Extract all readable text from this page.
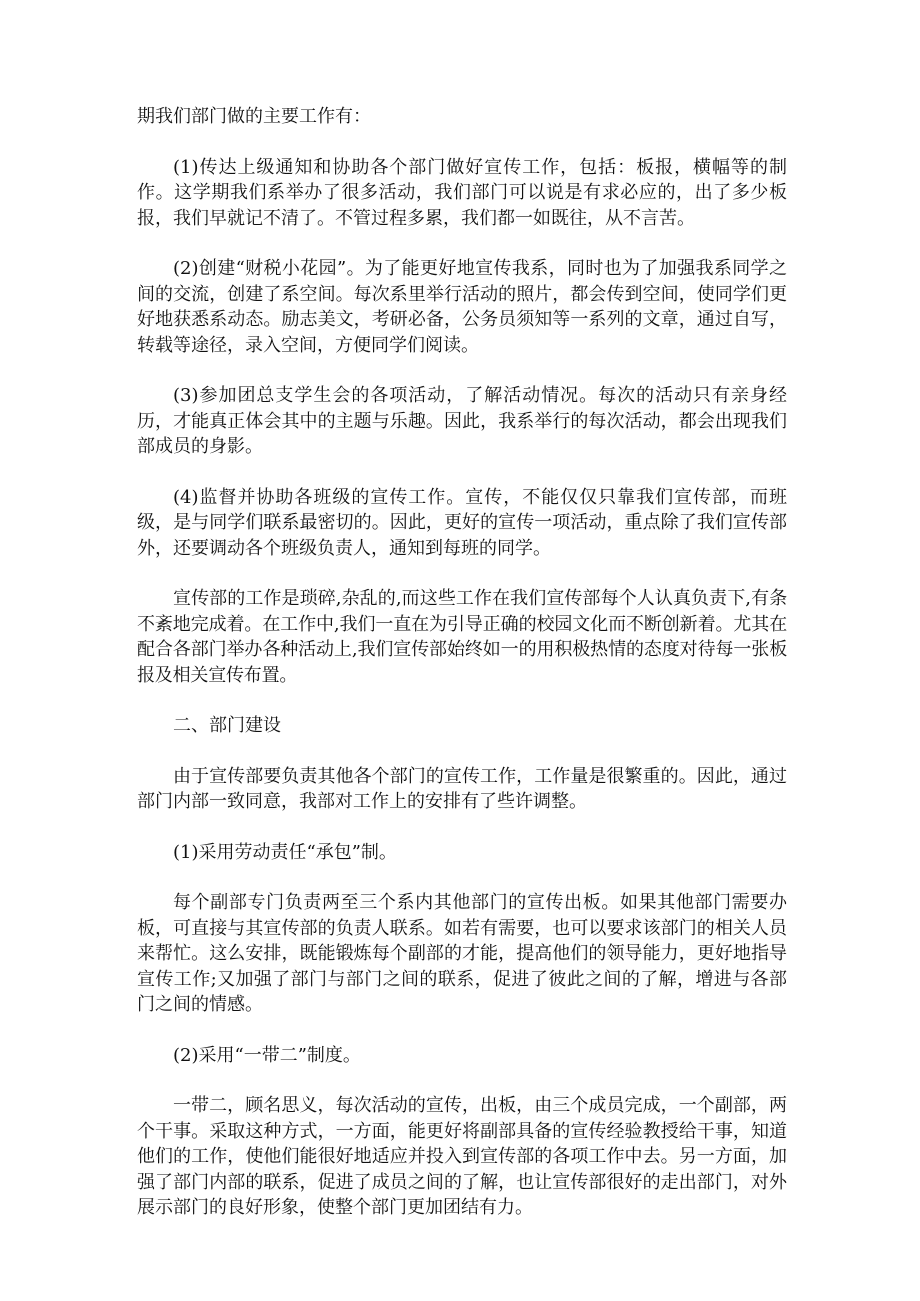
期我们部门做的主要工作有：

(1)传达上级通知和协助各个部门做好宣传工作，包括：板报，横幅等的制作。这学期我们系举办了很多活动，我们部门可以说是有求必应的，出了多少板报，我们早就记不清了。不管过程多累，我们都一如既往，从不言苦。

(2)创建“财税小花园”。为了能更好地宣传我系，同时也为了加强我系同学之间的交流，创建了系空间。每次系里举行活动的照片，都会传到空间，使同学们更好地获悉系动态。励志美文，考研必备，公务员须知等一系列的文章，通过自写，转载等途径，录入空间，方便同学们阅读。

(3)参加团总支学生会的各项活动，了解活动情况。每次的活动只有亲身经历，才能真正体会其中的主题与乐趣。因此，我系举行的每次活动，都会出现我们部成员的身影。

(4)监督并协助各班级的宣传工作。宣传，不能仅仅只靠我们宣传部，而班级，是与同学们联系最密切的。因此，更好的宣传一项活动，重点除了我们宣传部外，还要调动各个班级负责人，通知到每班的同学。

宣传部的工作是琐碎,杂乱的,而这些工作在我们宣传部每个人认真负责下,有条不紊地完成着。在工作中,我们一直在为引导正确的校园文化而不断创新着。尤其在配合各部门举办各种活动上,我们宣传部始终如一的用积极热情的态度对待每一张板报及相关宣传布置。

二、部门建设

由于宣传部要负责其他各个部门的宣传工作，工作量是很繁重的。因此，通过部门内部一致同意，我部对工作上的安排有了些许调整。

(1)采用劳动责任“承包”制。

每个副部专门负责两至三个系内其他部门的宣传出板。如果其他部门需要办板，可直接与其宣传部的负责人联系。如若有需要，也可以要求该部门的相关人员来帮忙。这么安排，既能锻炼每个副部的才能，提高他们的领导能力，更好地指导宣传工作;又加强了部门与部门之间的联系，促进了彼此之间的了解，增进与各部门之间的情感。

(2)采用“一带二”制度。

一带二，顾名思义，每次活动的宣传，出板，由三个成员完成，一个副部，两个干事。采取这种方式，一方面，能更好将副部具备的宣传经验教授给干事，知道他们的工作，使他们能很好地适应并投入到宣传部的各项工作中去。另一方面，加强了部门内部的联系，促进了成员之间的了解，也让宣传部很好的走出部门，对外展示部门的良好形象，使整个部门更加团结有力。
